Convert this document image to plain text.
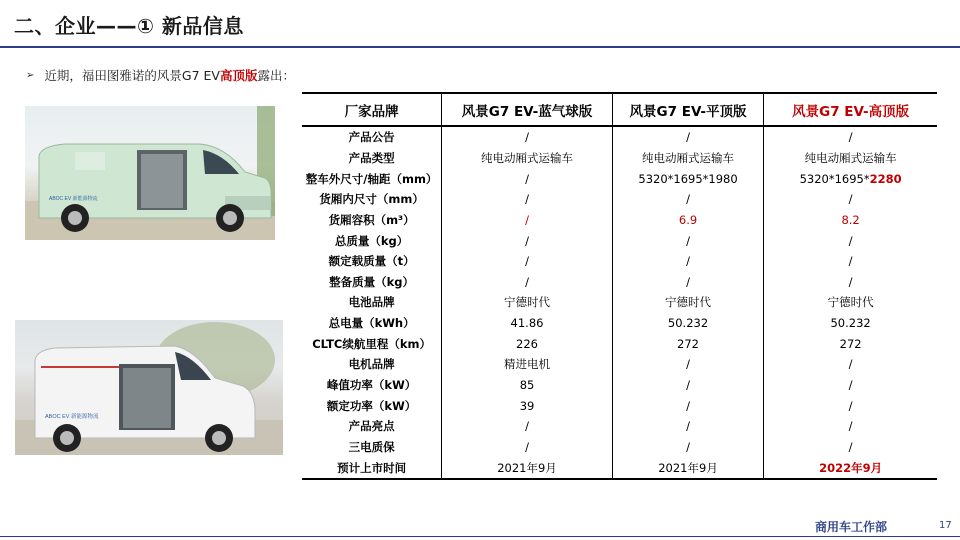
二、企业——① 新品信息
➢ 近期，福田图雅诺的风景G7 EV高顶版露出：
ABOC EV 新能源物流
ABOC EV 新能源物流
厂家品牌	风景G7 EV-蓝气球版	风景G7 EV-平顶版	风景G7 EV-高顶版
产品公告	/	/	/
产品类型	纯电动厢式运输车	纯电动厢式运输车	纯电动厢式运输车
整车外尺寸/轴距（mm）	/	5320*1695*1980	5320*1695*2280
货厢内尺寸（mm）	/	/	/
货厢容积（m³）	/	6.9	8.2
总质量（kg）	/	/	/
额定载质量（t）	/	/	/
整备质量（kg）	/	/	/
电池品牌	宁德时代	宁德时代	宁德时代
总电量（kWh）	41.86	50.232	50.232
CLTC续航里程（km）	226	272	272
电机品牌	精进电机	/	/
峰值功率（kW）	85	/	/
额定功率（kW）	39	/	/
产品亮点	/	/	/
三电质保	/	/	/
预计上市时间	2021年9月	2021年9月	2022年9月
商用车工作部	17
